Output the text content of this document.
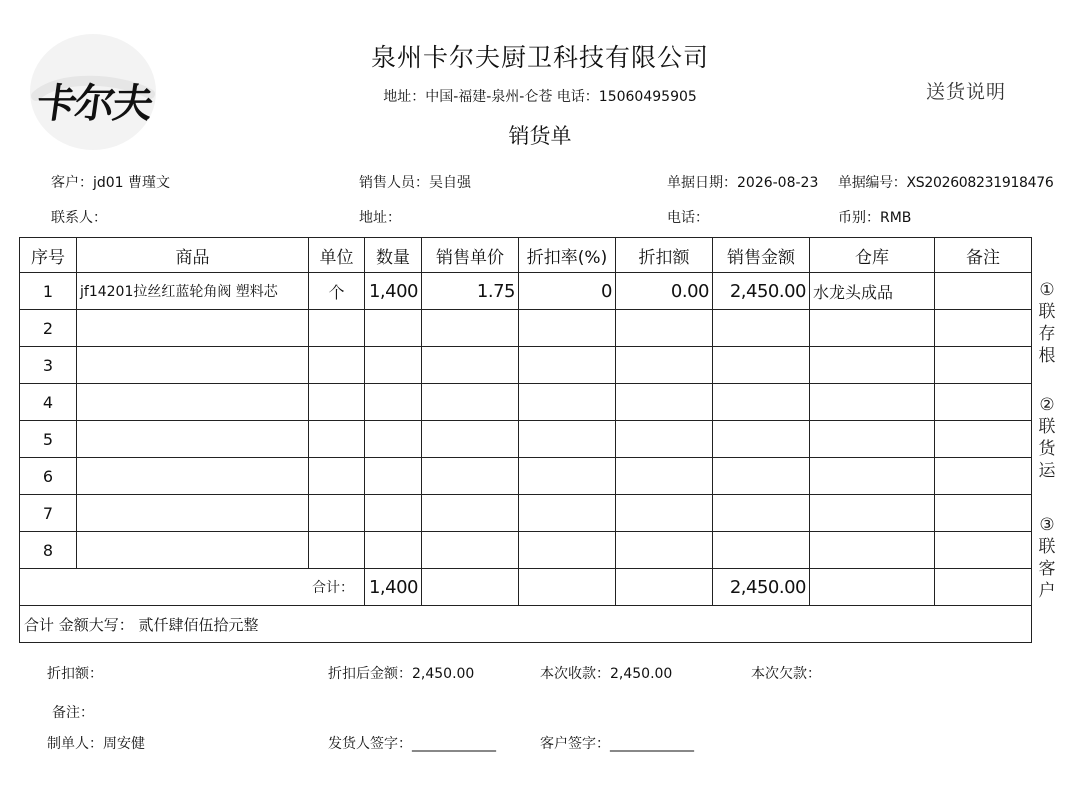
卡尔夫
泉州卡尔夫厨卫科技有限公司
地址：中国-福建-泉州-仑苍 电话：15060495905
销货单
送货说明
客户：jd01 曹瑾文	销售人员：吴自强	单据日期：2026-08-23 单据编号：XS202608231918476
联系人：	地址：	电话：	币别：RMB
序号	商品	单位	数量	销售单价	折扣率(%)	折扣额	销售金额	仓库	备注
1	jf14201拉丝红蓝轮角阀 塑料芯	个	1,400	1.75	0	0.00	2,450.00	水龙头成品	
2									
3									
4									
5									
6									
7									
8									
合计：			1,400				2,450.00		
合计 金额大写： 贰仟肆佰伍拾元整									
①
联
存
根
②
联
货
运
③
联
客
户
折扣额：	折扣后金额：2,450.00	本次收款：2,450.00	本次欠款：
备注：
制单人：周安健	发货人签字：____________	客户签字：____________
